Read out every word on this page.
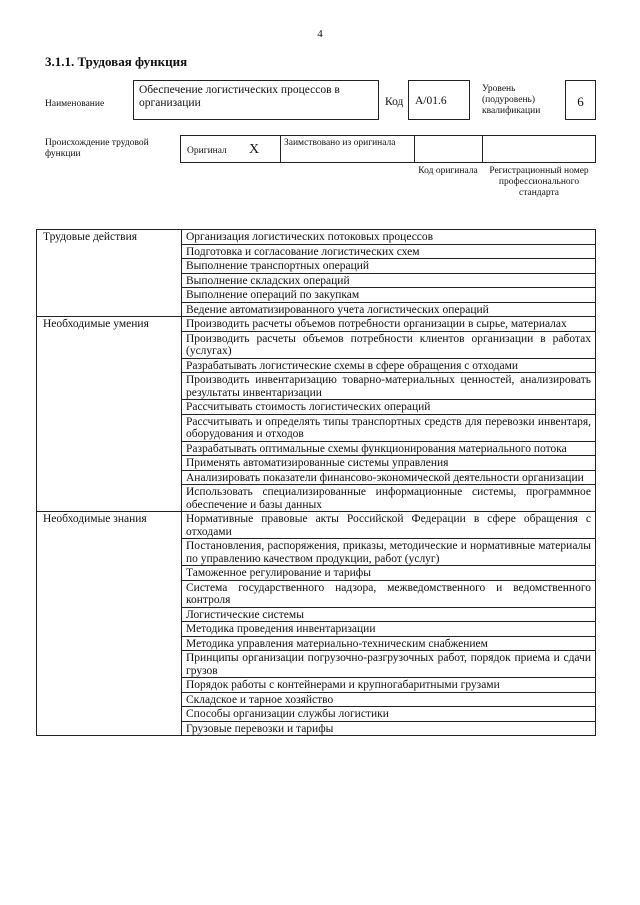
4
3.1.1. Трудовая функция
Наименование
Обеспечение логистических процессов в организации	Код	А/01.6
Уровень (подуровень) квалификации
6
Происхождение трудовой функции	Оригинал X	Заимствовано из оригинала
Код оригинала	Регистрационный номер профессионального стандарта
Трудовые действия	Организация логистических потоковых процессов
	Подготовка и согласование логистических схем
	Выполнение транспортных операций
	Выполнение складских операций
	Выполнение операций по закупкам
	Ведение автоматизированного учета логистических операций
Необходимые умения	Производить расчеты объемов потребности организации в сырье, материалах
	Производить расчеты объемов потребности клиентов организации в работах (услугах)
	Разрабатывать логистические схемы в сфере обращения с отходами
	Производить инвентаризацию товарно-материальных ценностей, анализировать результаты инвентаризации
	Рассчитывать стоимость логистических операций
	Рассчитывать и определять типы транспортных средств для перевозки инвентаря, оборудования и отходов
	Разрабатывать оптимальные схемы функционирования материального потока
	Применять автоматизированные системы управления
	Анализировать показатели финансово-экономической деятельности организации
	Использовать специализированные информационные системы, программное обеспечение и базы данных
Необходимые знания	Нормативные правовые акты Российской Федерации в сфере обращения с отходами
	Постановления, распоряжения, приказы, методические и нормативные материалы по управлению качеством продукции, работ (услуг)
	Таможенное регулирование и тарифы
	Система государственного надзора, межведомственного и ведомственного контроля
	Логистические системы
	Методика проведения инвентаризации
	Методика управления материально-техническим снабжением
	Принципы организации погрузочно-разгрузочных работ, порядок приема и сдачи грузов
	Порядок работы с контейнерами и крупногабаритными грузами
	Складское и тарное хозяйство
	Способы организации службы логистики
	Грузовые перевозки и тарифы
